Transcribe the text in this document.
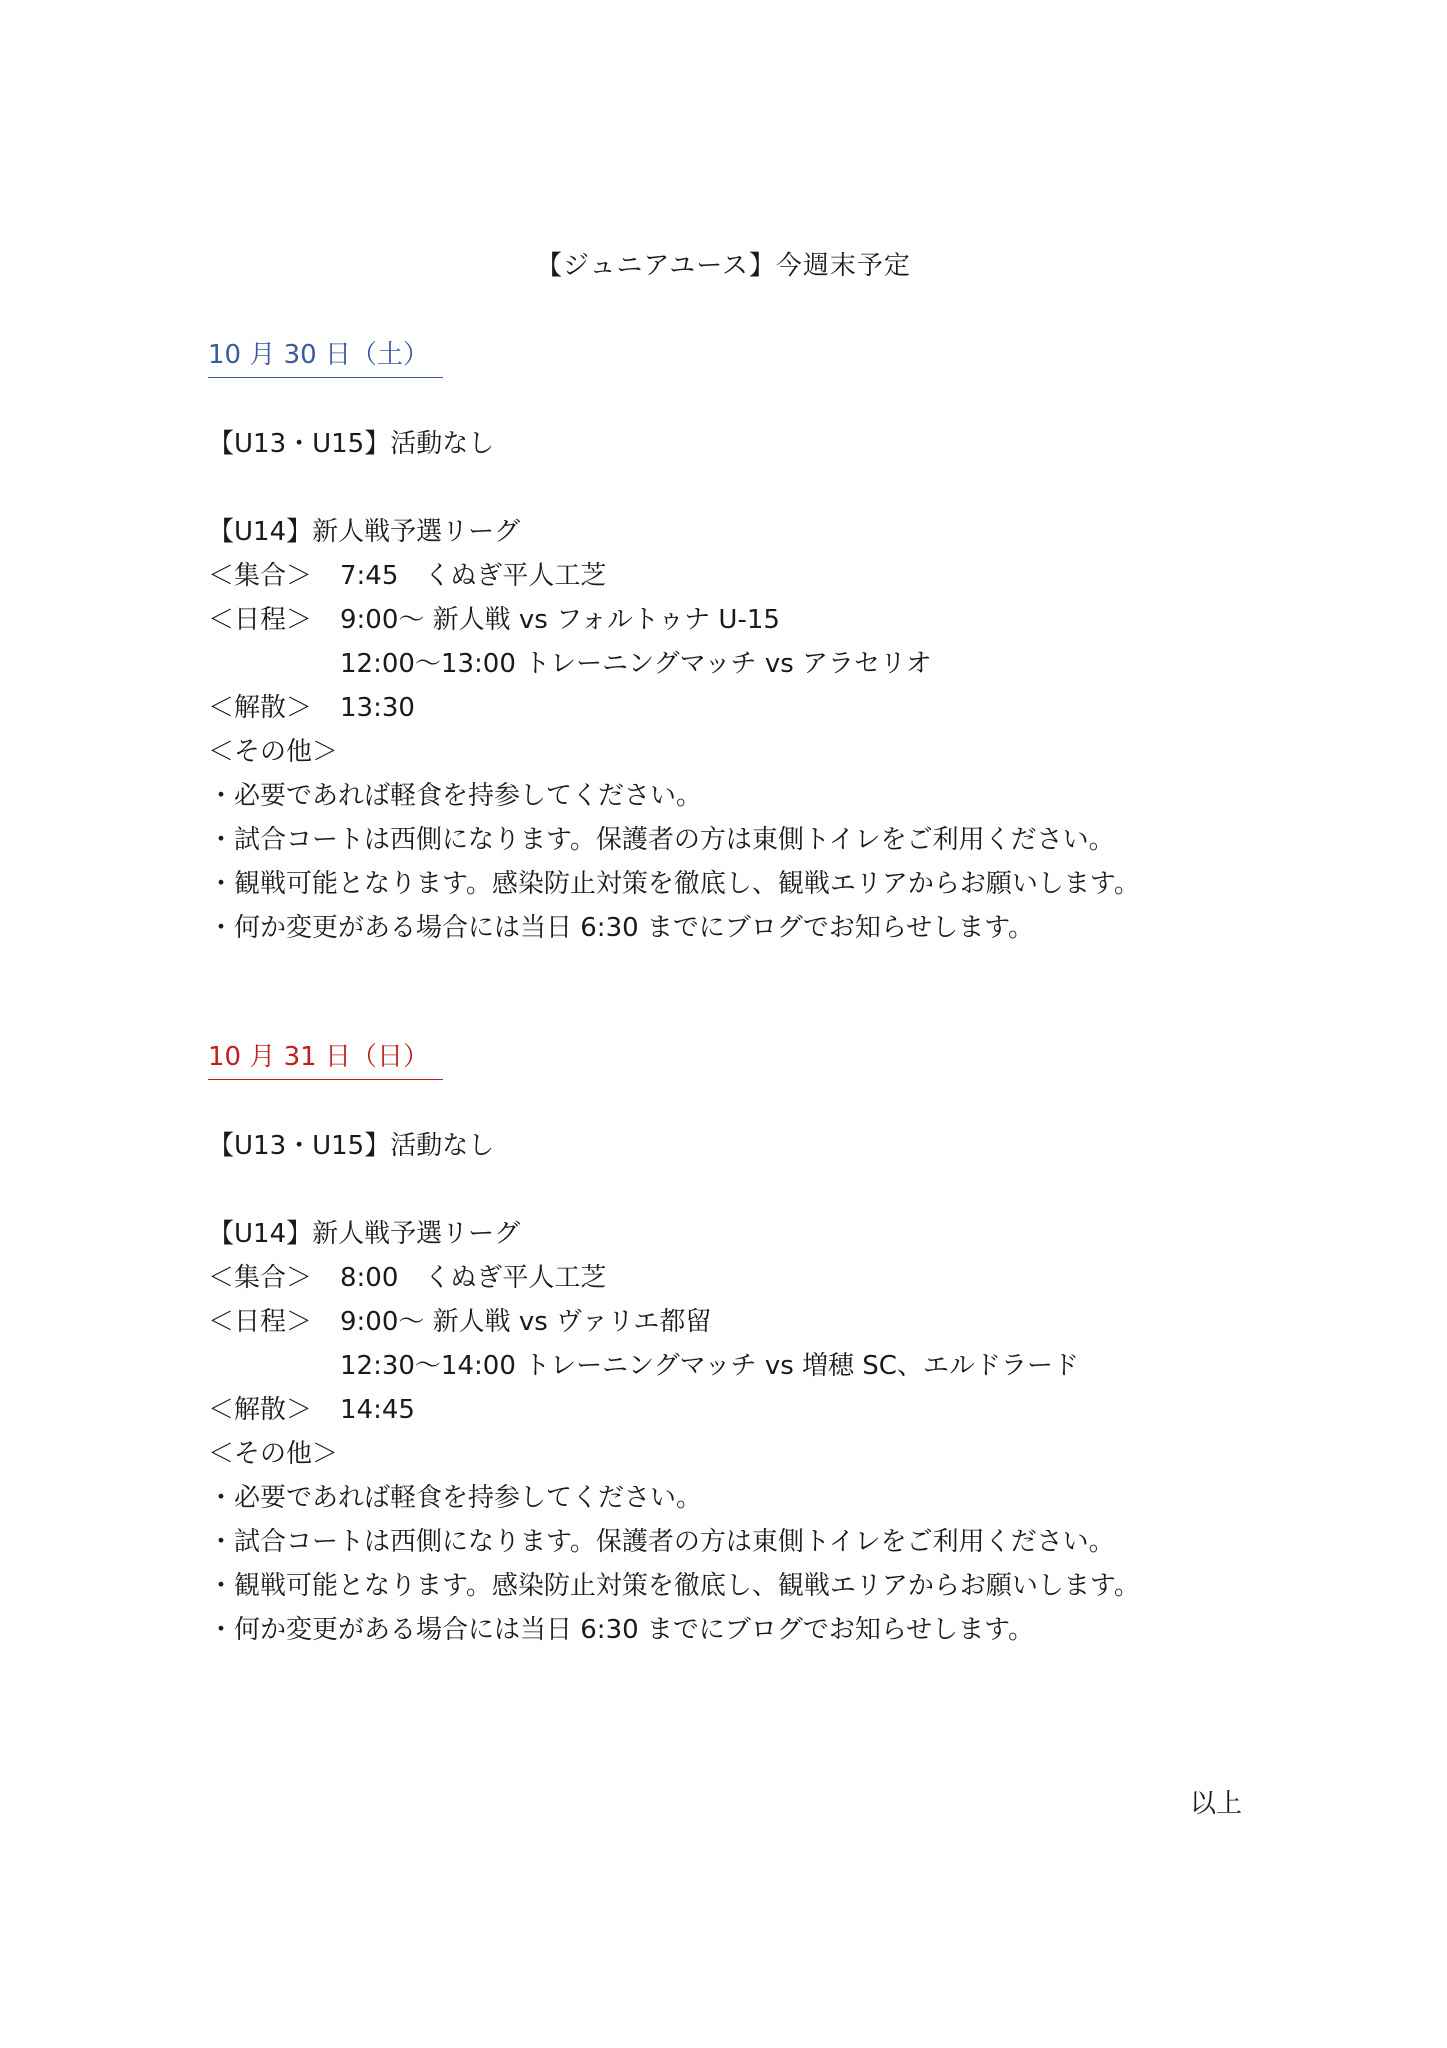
【ジュニアユース】今週末予定
10 月 30 日（土）
【U13・U15】活動なし
【U14】新人戦予選リーグ
＜集合＞	7:45　くぬぎ平人工芝
＜日程＞	9:00～ 新人戦 vs フォルトゥナ U-15
12:00～13:00 トレーニングマッチ vs アラセリオ
＜解散＞	13:30
＜その他＞
・必要であれば軽食を持参してください。
・試合コートは西側になります。保護者の方は東側トイレをご利用ください。
・観戦可能となります。感染防止対策を徹底し、観戦エリアからお願いします。
・何か変更がある場合には当日 6:30 までにブログでお知らせします。
10 月 31 日（日）
【U13・U15】活動なし
【U14】新人戦予選リーグ
＜集合＞	8:00　くぬぎ平人工芝
＜日程＞	9:00～ 新人戦 vs ヴァリエ都留
12:30～14:00 トレーニングマッチ vs 増穂 SC、エルドラード
＜解散＞	14:45
＜その他＞
・必要であれば軽食を持参してください。
・試合コートは西側になります。保護者の方は東側トイレをご利用ください。
・観戦可能となります。感染防止対策を徹底し、観戦エリアからお願いします。
・何か変更がある場合には当日 6:30 までにブログでお知らせします。
以上
